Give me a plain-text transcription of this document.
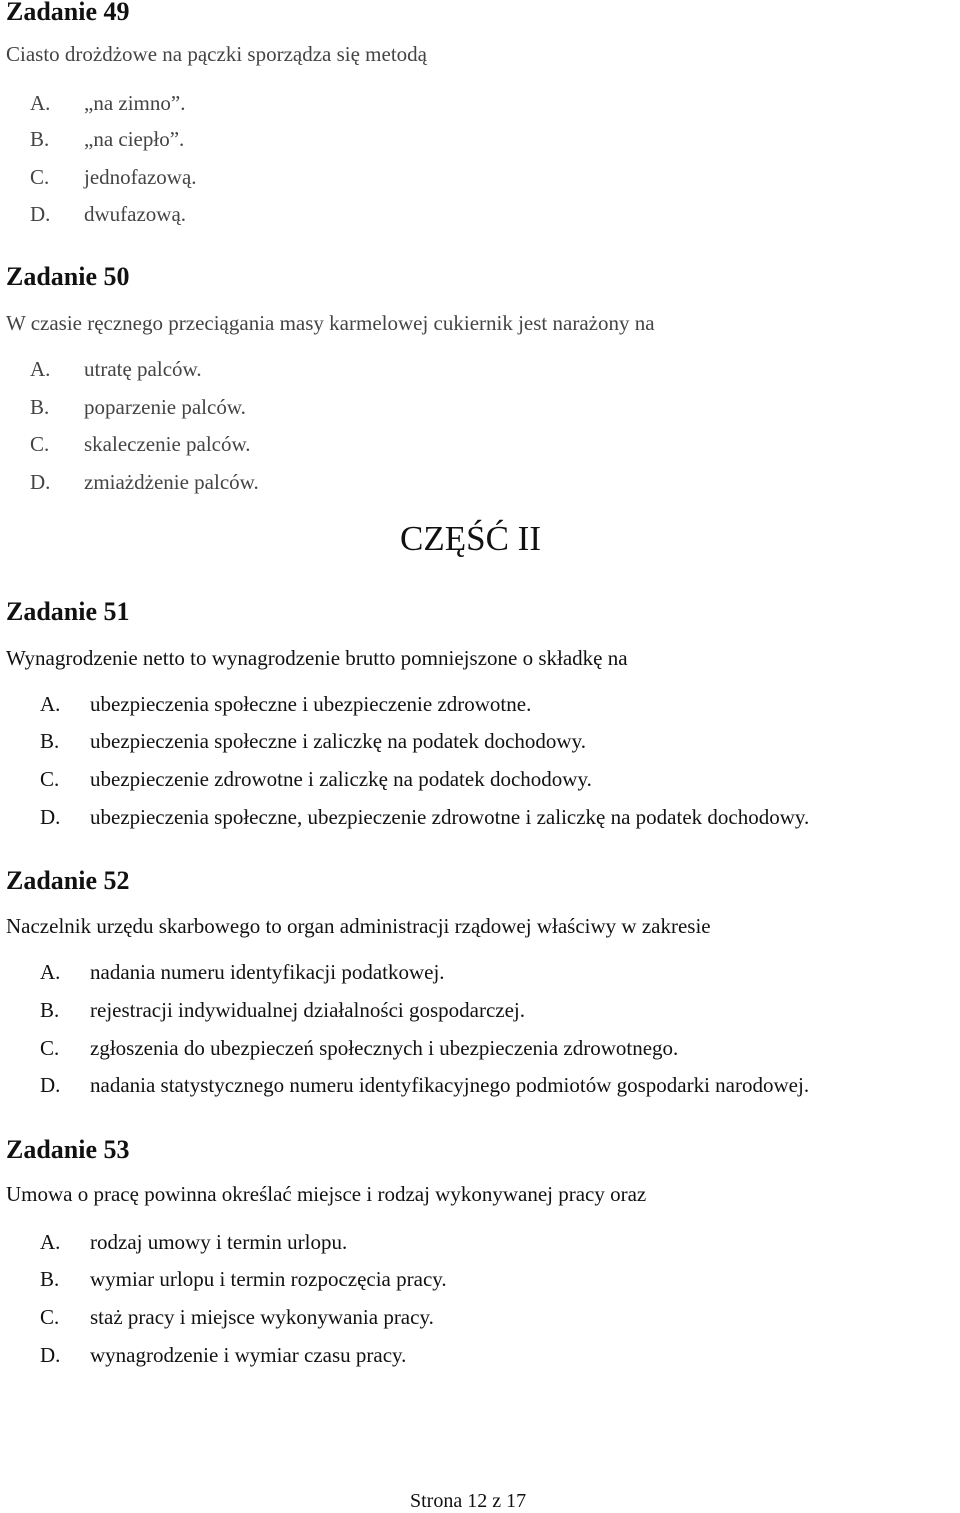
Zadanie 49
Ciasto drożdżowe na pączki sporządza się metodą
A. „na zimno”.
B. „na ciepło”.
C. jednofazową.
D. dwufazową.
Zadanie 50
W czasie ręcznego przeciągania masy karmelowej cukiernik jest narażony na
A. utratę palców.
B. poparzenie palców.
C. skaleczenie palców.
D. zmiażdżenie palców.
CZĘŚĆ II
Zadanie 51
Wynagrodzenie netto to wynagrodzenie brutto pomniejszone o składkę na
A. ubezpieczenia społeczne i ubezpieczenie zdrowotne.
B. ubezpieczenia społeczne i zaliczkę na podatek dochodowy.
C. ubezpieczenie zdrowotne i zaliczkę na podatek dochodowy.
D. ubezpieczenia społeczne, ubezpieczenie zdrowotne i zaliczkę na podatek dochodowy.
Zadanie 52
Naczelnik urzędu skarbowego to organ administracji rządowej właściwy w zakresie
A. nadania numeru identyfikacji podatkowej.
B. rejestracji indywidualnej działalności gospodarczej.
C. zgłoszenia do ubezpieczeń społecznych i ubezpieczenia zdrowotnego.
D. nadania statystycznego numeru identyfikacyjnego podmiotów gospodarki narodowej.
Zadanie 53
Umowa o pracę powinna określać miejsce i rodzaj wykonywanej pracy oraz
A. rodzaj umowy i termin urlopu.
B. wymiar urlopu i termin rozpoczęcia pracy.
C. staż pracy i miejsce wykonywania pracy.
D. wynagrodzenie i wymiar czasu pracy.
Strona 12 z 17
